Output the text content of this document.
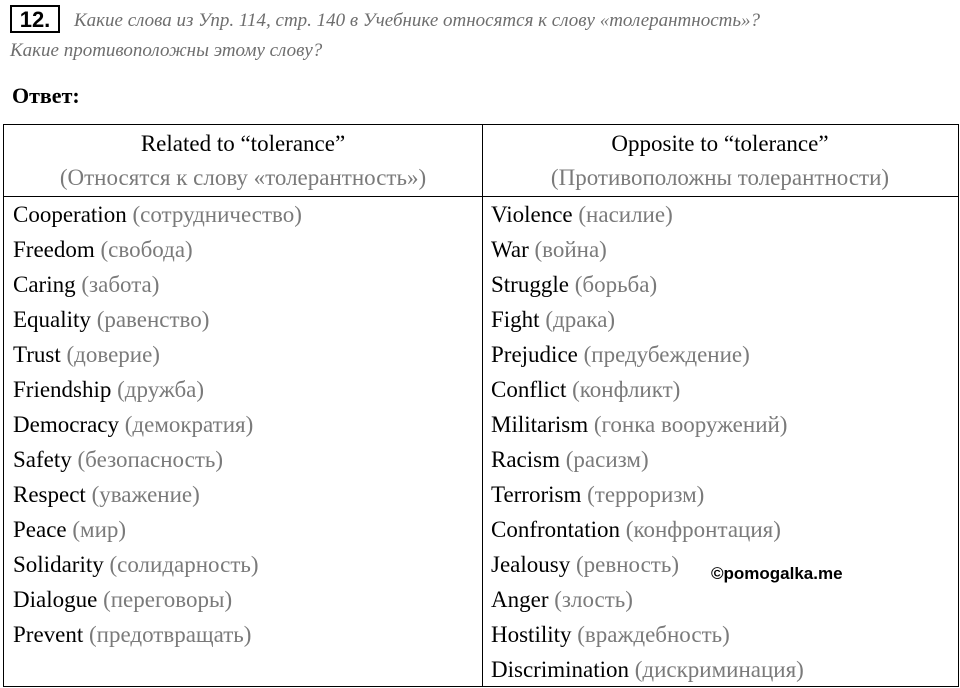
12.	Какие слова из Упр. 114, стр. 140 в Учебнике относятся к слову «толерантность»?
Какие противоположны этому слову?
Ответ:
Related to “tolerance”
(Относятся к слову «толерантность»)
Opposite to “tolerance”
(Противоположны толерантности)
Cooperation (сотрудничество)
Freedom (свобода)
Caring (забота)
Equality (равенство)
Trust (доверие)
Friendship (дружба)
Democracy (демократия)
Safety (безопасность)
Respect (уважение)
Peace (мир)
Solidarity (солидарность)
Dialogue (переговоры)
Prevent (предотвращать)
Violence (насилие)
War (война)
Struggle (борьба)
Fight (драка)
Prejudice (предубеждение)
Conflict (конфликт)
Militarism (гонка вооружений)
Racism (расизм)
Terrorism (терроризм)
Confrontation (конфронтация)
Jealousy (ревность)
Anger (злость)
Hostility (враждебность)
Discrimination (дискриминация)
©pomogalka.me
